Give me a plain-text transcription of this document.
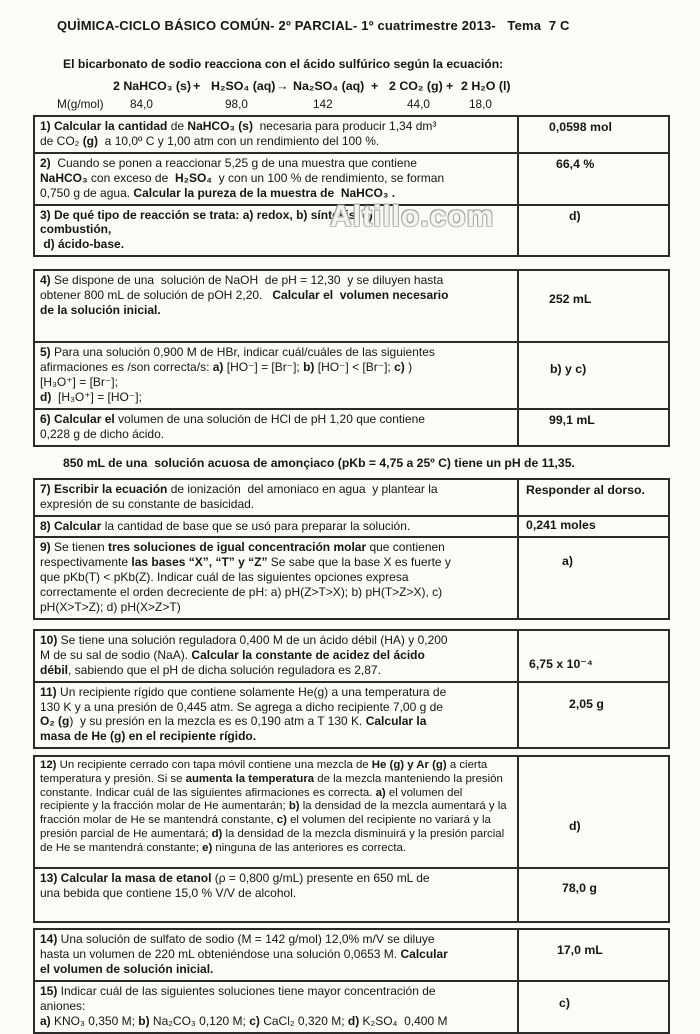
QUÌMICA-CICLO BÁSICO COMÚN- 2º PARCIAL- 1º cuatrimestre 2013-   Tema  7 C
El bicarbonato de sodio reacciona con el ácido sulfúrico según la ecuación:
2 NaHCO₃ (s) + H₂SO₄ (aq) → Na₂SO₄ (aq) + 2 CO₂ (g) + 2 H₂O (l)
M(g/mol) 84,0	98,0	142	44,0	18,0
1) Calcular la cantidad de NaHCO₃ (s)  necesaria para producir 1,34 dm³
de CO₂ (g)  a 10,0º C y 1,00 atm con un rendimiento del 100 %.
0,0598 mol
2)  Cuando se ponen a reaccionar 5,25 g de una muestra que contiene
NaHCO₃ con exceso de  H₂SO₄  y con un 100 % de rendimiento, se forman
0,750 g de agua. Calcular la pureza de la muestra de  NaHCO₃ .
66,4 %
3) De qué tipo de reacción se trata: a) redox, b) síntesis, c)
combustión,
d) ácido-base.
d)
Altillo.com
4) Se dispone de una  solución de NaOH  de pH = 12,30  y se diluyen hasta
obtener 800 mL de solución de pOH 2,20.   Calcular el  volumen necesario
de la solución inicial.
252 mL
5) Para una solución 0,900 M de HBr, indicar cuál/cuáles de las siguientes
afirmaciones es /son correcta/s: a) [HO⁻] = [Br⁻]; b) [HO⁻] < [Br⁻]; c) )
[H₃O⁺] = [Br⁻];
d)  [H₃O⁺] = [HO⁻];
b) y c)
6) Calcular el volumen de una solución de HCl de pH 1,20 que contiene
0,228 g de dicho ácido.
99,1 mL
850 mL de una  solución acuosa de amonçiaco (pKb = 4,75 a 25º C) tiene un pH de 11,35.
7) Escribir la ecuación de ionización  del amoniaco en agua  y plantear la
expresión de su constante de basicidad.
Responder al dorso.
8) Calcular la cantidad de base que se usó para preparar la solución.	0,241 moles
9) Se tienen tres soluciones de igual concentración molar que contienen
respectivamente las bases “X”, “T” y “Z” Se sabe que la base X es fuerte y
que pKb(T) < pKb(Z). Indicar cuál de las siguientes opciones expresa
correctamente el orden decreciente de pH: a) pH(Z>T>X); b) pH(T>Z>X), c)
pH(X>T>Z); d) pH(X>Z>T)
a)
10) Se tiene una solución reguladora 0,400 M de un ácido débil (HA) y 0,200
M de su sal de sodio (NaA). Calcular la constante de acidez del ácido
débil, sabiendo que el pH de dicha solución reguladora es 2,87.	6,75 x 10⁻⁴
11) Un recipiente rígido que contiene solamente He(g) a una temperatura de
130 K y a una presión de 0,445 atm. Se agrega a dicho recipiente 7,00 g de
O₂ (g)  y su presión en la mezcla es es 0,190 atm a T 130 K. Calcular la
masa de He (g) en el recipiente rígido.
2,05 g
12) Un recipiente cerrado con tapa móvil contiene una mezcla de He (g) y Ar (g) a cierta temperatura y presión. Si se aumenta la temperatura de la mezcla manteniendo la presión constante. Indicar cuál de las siguientes afirmaciones es correcta. a) el volumen del recipiente y la fracción molar de He aumentarán; b) la densidad de la mezcla aumentará y la fracción molar de He se mantendrá constante, c) el volumen del recipiente no variará y la presión parcial de He aumentará; d) la densidad de la mezcla disminuirá y la presión parcial de He se mantendrá constante; e) ninguna de las anteriores es correcta.
d)
13) Calcular la masa de etanol (ρ = 0,800 g/mL) presente en 650 mL de
una bebida que contiene 15,0 % V/V de alcohol.	78,0 g
14) Una solución de sulfato de sodio (M = 142 g/mol) 12,0% m/V se diluye
hasta un volumen de 220 mL obteniéndose una solución 0,0653 M. Calcular
el volumen de solución inicial.
17,0 mL
15) Indicar cuál de las siguientes soluciones tiene mayor concentración de
aniones:
a) KNO₃ 0,350 M; b) Na₂CO₃ 0,120 M; c) CaCl₂ 0,320 M; d) K₂SO₄  0,400 M
c)
